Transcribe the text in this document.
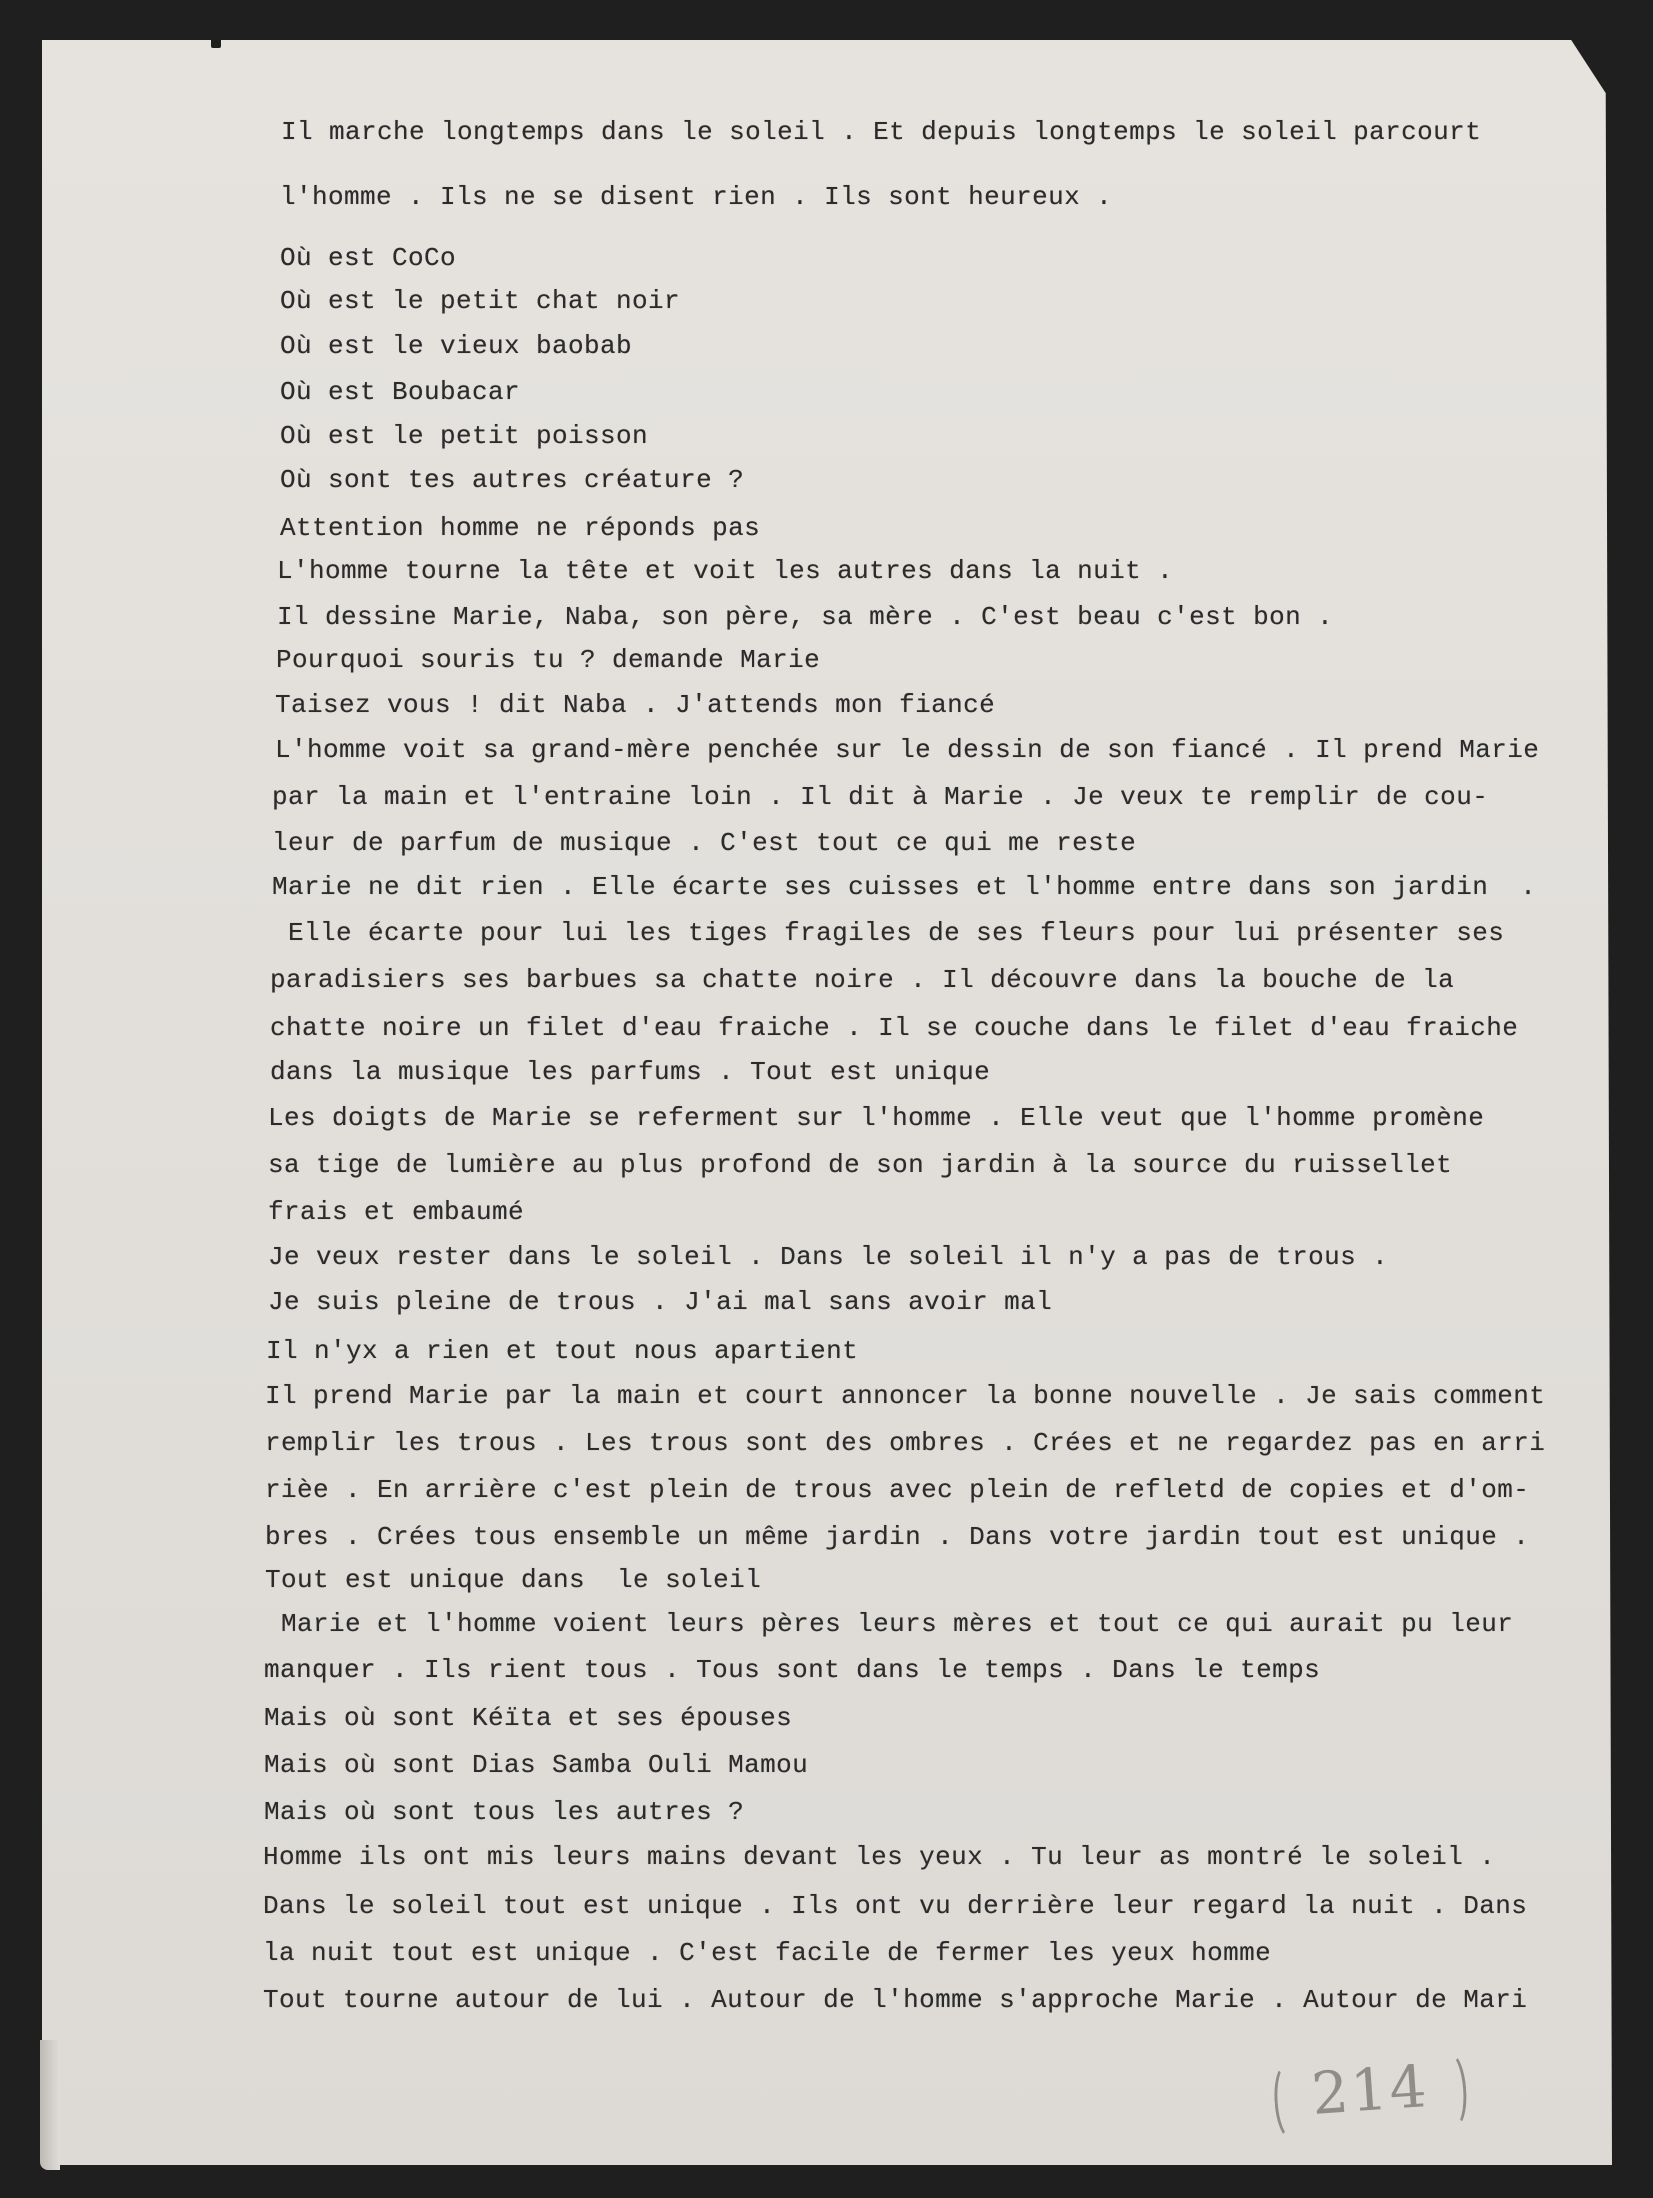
Il marche longtemps dans le soleil . Et depuis longtemps le soleil parcourt
l'homme . Ils ne se disent rien . Ils sont heureux .
Où est CoCo
Où est le petit chat noir
Où est le vieux baobab
Où est Boubacar
Où est le petit poisson
Où sont tes autres créature ?
Attention homme ne réponds pas
L'homme tourne la tête et voit les autres dans la nuit .
Il dessine Marie, Naba, son père, sa mère . C'est beau c'est bon .
Pourquoi souris tu ? demande Marie
Taisez vous ! dit Naba . J'attends mon fiancé
L'homme voit sa grand-mère penchée sur le dessin de son fiancé . Il prend Marie
par la main et l'entraine loin . Il dit à Marie . Je veux te remplir de cou-
leur de parfum de musique . C'est tout ce qui me reste
Marie ne dit rien . Elle écarte ses cuisses et l'homme entre dans son jardin  .
Elle écarte pour lui les tiges fragiles de ses fleurs pour lui présenter ses
paradisiers ses barbues sa chatte noire . Il découvre dans la bouche de la
chatte noire un filet d'eau fraiche . Il se couche dans le filet d'eau fraiche
dans la musique les parfums . Tout est unique
Les doigts de Marie se referment sur l'homme . Elle veut que l'homme promène
sa tige de lumière au plus profond de son jardin à la source du ruissellet
frais et embaumé
Je veux rester dans le soleil . Dans le soleil il n'y a pas de trous .
Je suis pleine de trous . J'ai mal sans avoir mal
Il n'yx a rien et tout nous apartient
Il prend Marie par la main et court annoncer la bonne nouvelle . Je sais comment
remplir les trous . Les trous sont des ombres . Crées et ne regardez pas en arri
rièe . En arrière c'est plein de trous avec plein de refletd de copies et d'om-
bres . Crées tous ensemble un même jardin . Dans votre jardin tout est unique .
Tout est unique dans  le soleil
Marie et l'homme voient leurs pères leurs mères et tout ce qui aurait pu leur
manquer . Ils rient tous . Tous sont dans le temps . Dans le temps
Mais où sont Kéïta et ses épouses
Mais où sont Dias Samba Ouli Mamou
Mais où sont tous les autres ?
Homme ils ont mis leurs mains devant les yeux . Tu leur as montré le soleil .
Dans le soleil tout est unique . Ils ont vu derrière leur regard la nuit . Dans
la nuit tout est unique . C'est facile de fermer les yeux homme
Tout tourne autour de lui . Autour de l'homme s'approche Marie . Autour de Mari
214
